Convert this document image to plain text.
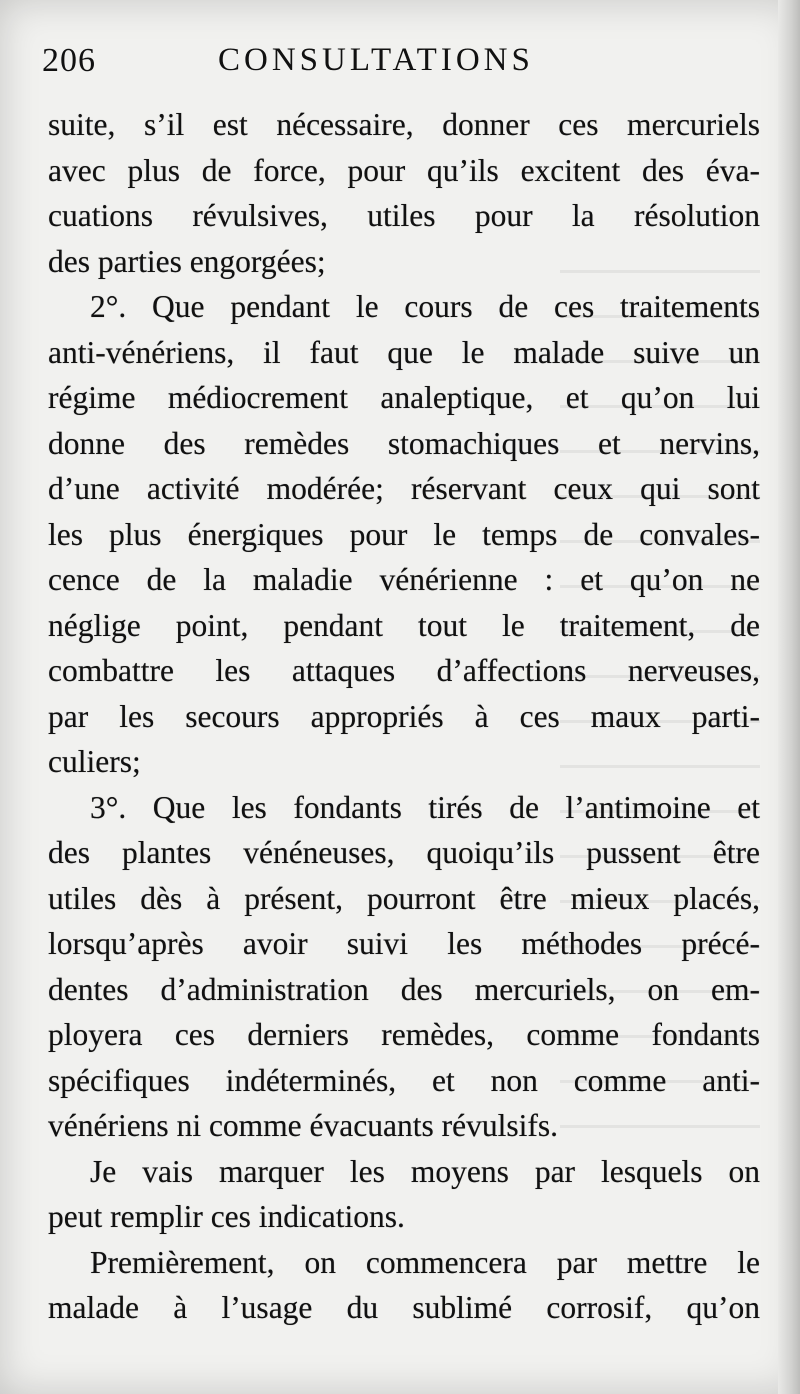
206	CONSULTATIONS
suite, s’il est nécessaire, donner ces mercuriels
avec plus de force, pour qu’ils excitent des éva-
cuations révulsives, utiles pour la résolution
des parties engorgées;
2°. Que pendant le cours de ces traitements
anti-vénériens, il faut que le malade suive un
régime médiocrement analeptique, et qu’on lui
donne des remèdes stomachiques et nervins,
d’une activité modérée; réservant ceux qui sont
les plus énergiques pour le temps de convales-
cence de la maladie vénérienne : et qu’on ne
néglige point, pendant tout le traitement, de
combattre les attaques d’affections nerveuses,
par les secours appropriés à ces maux parti-
culiers;
3°. Que les fondants tirés de l’antimoine et
des plantes vénéneuses, quoiqu’ils pussent être
utiles dès à présent, pourront être mieux placés,
lorsqu’après avoir suivi les méthodes précé-
dentes d’administration des mercuriels, on em-
ployera ces derniers remèdes, comme fondants
spécifiques indéterminés, et non comme anti-
vénériens ni comme évacuants révulsifs.
Je vais marquer les moyens par lesquels on
peut remplir ces indications.
Premièrement, on commencera par mettre le
malade à l’usage du sublimé corrosif, qu’on
